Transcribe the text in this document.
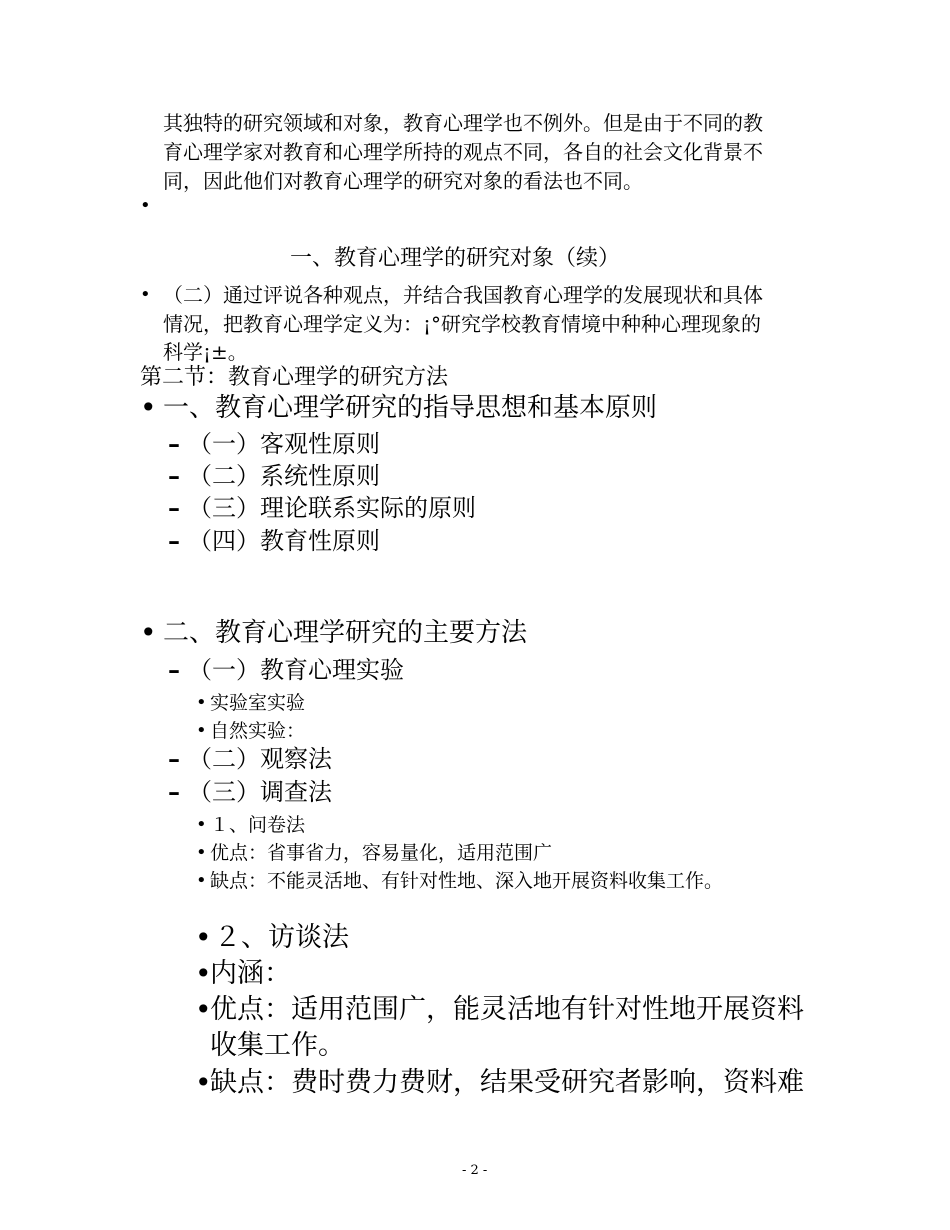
其独特的研究领域和对象，教育心理学也不例外。但是由于不同的教
育心理学家对教育和心理学所持的观点不同，各自的社会文化背景不
同，因此他们对教育心理学的研究对象的看法也不同。
•
一、教育心理学的研究对象（续）
• （二）通过评说各种观点，并结合我国教育心理学的发展现状和具体
情况，把教育心理学定义为：¡°研究学校教育情境中种种心理现象的
科学¡±。
第二节：教育心理学的研究方法
• 一、教育心理学研究的指导思想和基本原则
– （一）客观性原则
– （二）系统性原则
– （三）理论联系实际的原则
– （四）教育性原则
• 二、教育心理学研究的主要方法
– （一）教育心理实验
• 实验室实验
• 自然实验：
– （二）观察法
– （三）调查法
• １、问卷法
• 优点：省事省力，容易量化，适用范围广
• 缺点：不能灵活地、有针对性地、深入地开展资料收集工作。
• ２、访谈法
•
内涵：
•
优点：适用范围广，能灵活地有针对性地开展资料
收集工作。
•
缺点：费时费力费财，结果受研究者影响，资料难
- 2 -
